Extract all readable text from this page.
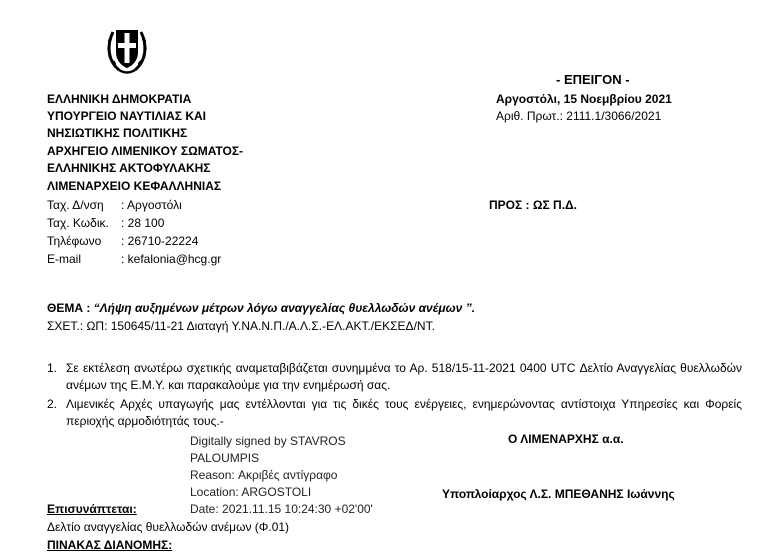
- ΕΠΕΙΓΟΝ -
Αργοστόλι, 15 Νοεμβρίου 2021
Αριθ. Πρωτ.: 2111.1/3066/2021
ΕΛΛΗΝΙΚΗ ΔΗΜΟΚΡΑΤΙΑ
ΥΠΟΥΡΓΕΙΟ ΝΑΥΤΙΛΙΑΣ ΚΑΙ
ΝΗΣΙΩΤΙΚΗΣ ΠΟΛΙΤΙΚΗΣ
ΑΡΧΗΓΕΙΟ ΛΙΜΕΝΙΚΟΥ ΣΩΜΑΤΟΣ-
ΕΛΛΗΝΙΚΗΣ ΑΚΤΟΦΥΛΑΚΗΣ
ΛΙΜΕΝΑΡΧΕΙΟ ΚΕΦΑΛΛΗΝΙΑΣ
Ταχ. Δ/νση : Αργοστόλι
Ταχ. Κωδικ. : 28 100
Τηλέφωνο : 26710-22224
E-mail	: kefalonia@hcg.gr
ΠΡΟΣ : ΩΣ Π.Δ.
ΘΕΜΑ : “Λήψη αυξημένων μέτρων λόγω αναγγελίας θυελλωδών ανέμων ”.
ΣΧΕΤ.: ΩΠ: 150645/11-21 Διαταγή Υ.ΝΑ.Ν.Π./Α.Λ.Σ.-ΕΛ.ΑΚΤ./ΕΚΣΕΔ/ΝΤ.
1. Σε εκτέλεση ανωτέρω σχετικής αναμεταβιβάζεται συνημμένα το Αρ. 518/15-11-2021 0400 UTC Δελτίο Αναγγελίας θυελλωδών ανέμων της Ε.Μ.Υ. και παρακαλούμε για την ενημέρωσή σας.
2. Λιμενικές Αρχές υπαγωγής μας εντέλλονται για τις δικές τους ενέργειες, ενημερώνοντας αντίστοιχα Υπηρεσίες και Φορείς περιοχής αρμοδιότητάς τους.-
Digitally signed by STAVROS
PALOUMPIS
Reason: Ακριβές αντίγραφο
Location: ARGOSTOLI
Date: 2021.11.15 10:24:30 +02'00'
Ο ΛΙΜΕΝΑΡΧΗΣ α.α.
Υποπλοίαρχος Λ.Σ. ΜΠΕΘΑΝΗΣ Ιωάννης
Επισυνάπτεται:
Δελτίο αναγγελίας θυελλωδών ανέμων (Φ.01)
ΠΙΝΑΚΑΣ ΔΙΑΝΟΜΗΣ:
